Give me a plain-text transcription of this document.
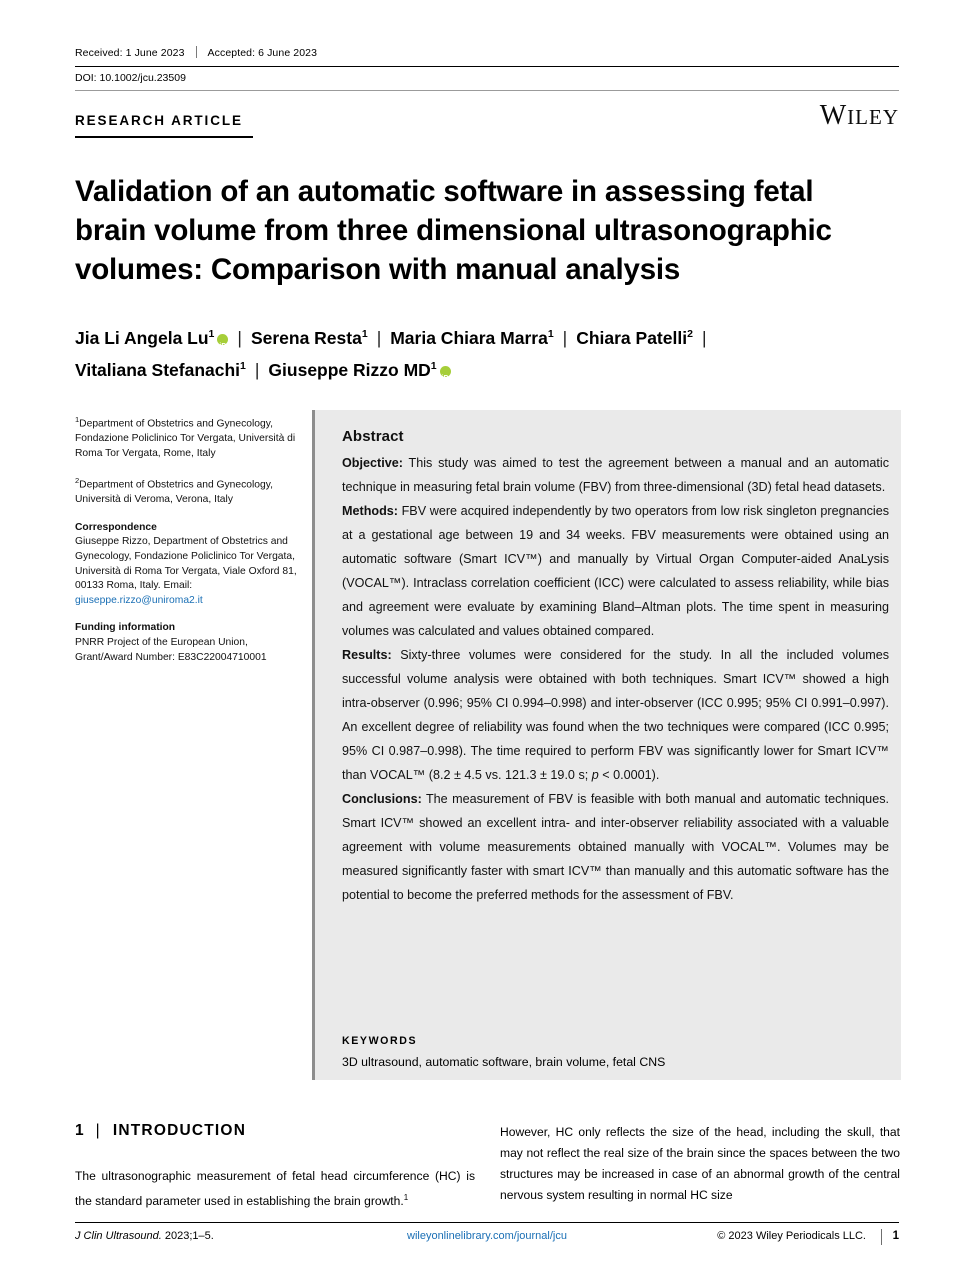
Received: 1 June 2023 Accepted: 6 June 2023
DOI: 10.1002/jcu.23509
RESEARCH ARTICLE	WILEY
Validation of an automatic software in assessing fetal brain volume from three dimensional ultrasonographic volumes: Comparison with manual analysis
Jia Li Angela Lu$^1$ iD | Serena Resta$^1$ | Maria Chiara Marra$^1$ | Chiara Patelli$^2$ |
Vitaliana Stefanachi$^1$ | Giuseppe Rizzo $MD^1iD$

$^1$Department of Obstetrics and Gynecology, Fondazione Policlinico Tor Vergata, Università di Roma Tor Vergata, Rome, Italy

$^2$Department of Obstetrics and Gynecology, Università di Veroma, Verona, Italy

Correspondence
Giuseppe Rizzo, Department of Obstetrics and Gynecology, Fondazione Policlinico Tor Vergata, Università di Roma Tor Vergata, Viale Oxford 81, 00133 Roma, Italy. Email: giuseppe.rizzo@uniroma2.it

Funding information
PNRR Project of the European Union, Grant/Award Number: E83C22004710001

Abstract

Objective: This study was aimed to test the agreement between a manual and an automatic technique in measuring fetal brain volume (FBV) from three-dimensional (3D) fetal head datasets.

Methods: FBV were acquired independently by two operators from low risk singleton pregnancies at a gestational age between 19 and 34 weeks. FBV measurements were obtained using an automatic software (Smart ICV™) and manually by Virtual Organ Computer-aided AnaLysis (VOCAL™). Intraclass correlation coefficient (ICC) were calculated to assess reliability, while bias and agreement were evaluate by examining Bland–Altman plots. The time spent in measuring volumes was calculated and values obtained compared.

Results: Sixty-three volumes were considered for the study. In all the included volumes successful volume analysis were obtained with both techniques. Smart ICV™ showed a high intra-observer (0.996; 95% CI 0.994–0.998) and inter-observer (ICC 0.995; 95% CI 0.991–0.997). An excellent degree of reliability was found when the two techniques were compared (ICC 0.995; 95% CI 0.987–0.998). The time required to perform FBV was significantly lower for Smart ICV™ than VOCAL™ (8.2 ± 4.5 vs. 121.3 ± 19.0 s; p < 0.0001).

Conclusions: The measurement of FBV is feasible with both manual and automatic techniques. Smart ICV™ showed an excellent intra- and inter-observer reliability associated with a valuable agreement with volume measurements obtained manually with VOCAL™. Volumes may be measured significantly faster with smart ICV™ than manually and this automatic software has the potential to become the preferred methods for the assessment of FBV.

KEYWORDS
3D ultrasound, automatic software, brain volume, fetal CNS
1 | INTRODUCTION
The ultrasonographic measurement of fetal head circumference (HC) is the standard parameter used in establishing the brain growth.$^1$
However, HC only reflects the size of the head, including the skull, that may not reflect the real size of the brain since the spaces between the two structures may be increased in case of an abnormal growth of the central nervous system resulting in normal HC size
J Clin Ultrasound. 2023;1–5.	wileyonlinelibrary.com/journal/jcu	© 2023 Wiley Periodicals LLC. 1
